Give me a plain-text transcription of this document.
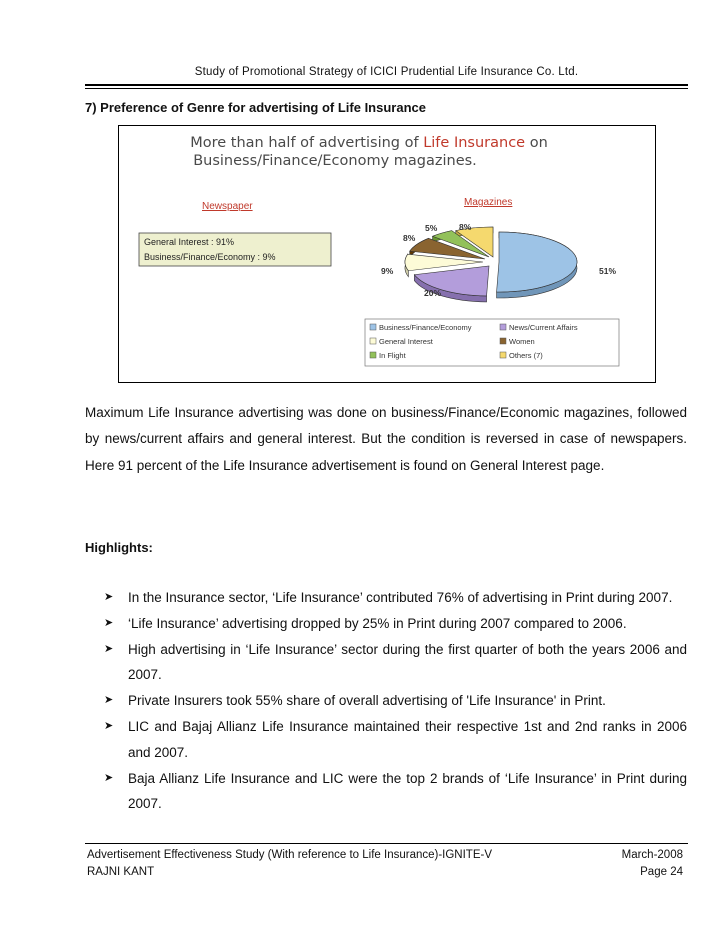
Study of Promotional Strategy of ICICI Prudential Life Insurance Co. Ltd.
7) Preference of Genre for advertising of Life Insurance
More than half of advertising of Life Insurance on
Business/Finance/Economy magazines.
Newspaper
General Interest : 91%
Business/Finance/Economy : 9%
Magazines
51%
20%
9%
8%
5%	8%
Business/Finance/Economy	News/Current Affairs
General Interest	Women
In Flight	Others (7)
Maximum Life Insurance advertising was done on business/Finance/Economic magazines, followed by news/current affairs and general interest. But the condition is reversed in case of newspapers. Here 91 percent of the Life Insurance advertisement is found on General Interest page.
Highlights:
➤ In the Insurance sector, ‘Life Insurance’ contributed 76% of advertising in Print during 2007.
➤ ‘Life Insurance’ advertising dropped by 25% in Print during 2007 compared to 2006.
➤ High advertising in ‘Life Insurance’ sector during the first quarter of both the years 2006 and 2007.
➤ Private Insurers took 55% share of overall advertising of 'Life Insurance' in Print.
➤ LIC and Bajaj Allianz Life Insurance maintained their respective 1st and 2nd ranks in 2006 and 2007.
➤ Baja Allianz Life Insurance and LIC were the top 2 brands of ‘Life Insurance’ in Print during 2007.
Advertisement Effectiveness Study (With reference to Life Insurance)-IGNITE-V	March-2008
RAJNI KANT	Page 24
